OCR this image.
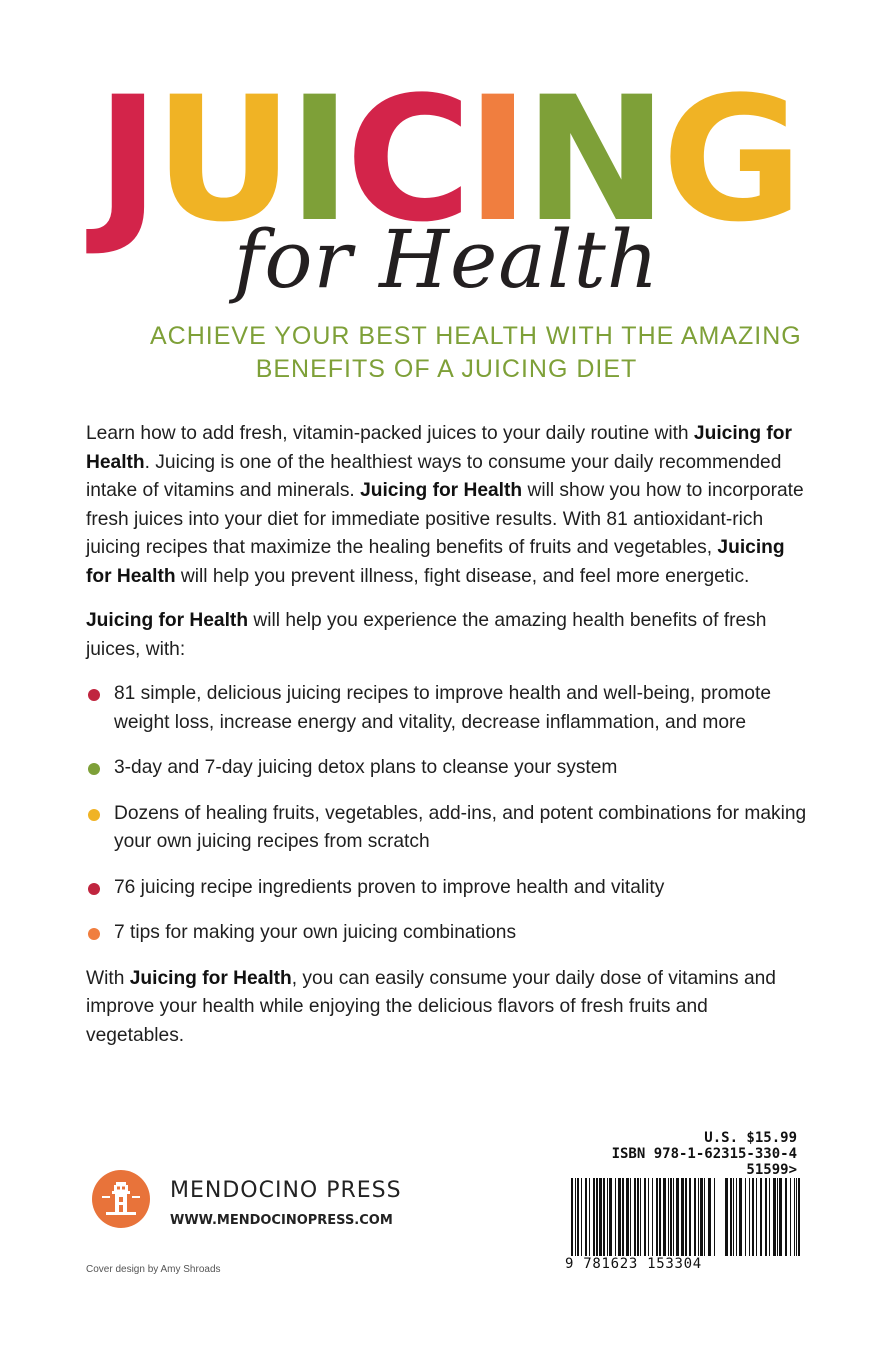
JUICING
for Health
ACHIEVE YOUR BEST HEALTH WITH THE AMAZING
BENEFITS OF A JUICING DIET

Learn how to add fresh, vitamin-packed juices to your daily routine with Juicing for Health. Juicing is one of the healthiest ways to consume your daily recommended intake of vitamins and minerals. Juicing for Health will show you how to incorporate fresh juices into your diet for immediate positive results. With 81 antioxidant-rich juicing recipes that maximize the healing benefits of fruits and vegetables, Juicing for Health will help you prevent illness, fight disease, and feel more energetic.

Juicing for Health will help you experience the amazing health benefits of fresh juices, with:

81 simple, delicious juicing recipes to improve health and well-being, promote weight loss, increase energy and vitality, decrease inflammation, and more
3-day and 7-day juicing detox plans to cleanse your system
Dozens of healing fruits, vegetables, add-ins, and potent combinations for making your own juicing recipes from scratch
76 juicing recipe ingredients proven to improve health and vitality
7 tips for making your own juicing combinations

With Juicing for Health, you can easily consume your daily dose of vitamins and improve your health while enjoying the delicious flavors of fresh fruits and vegetables.

MENDOCINO PRESS
WWW.MENDOCINOPRESS.COM
Cover design by Amy Shroads
U.S. $15.99
ISBN 978-1-62315-330-4
51599>
9 781623 153304
